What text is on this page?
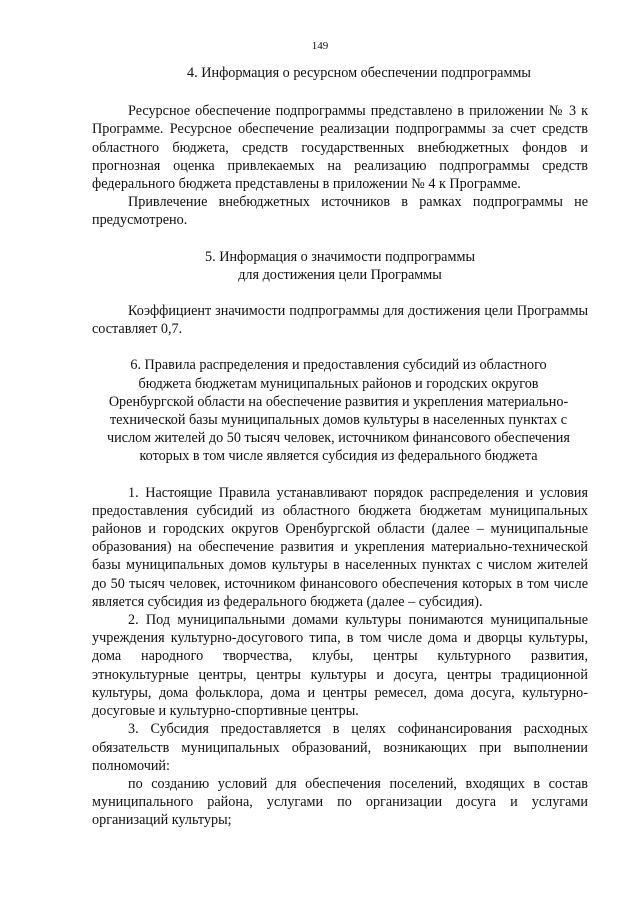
149
4. Информация о ресурсном обеспечении подпрограммы

Ресурсное обеспечение подпрограммы представлено в приложении № 3 к Программе. Ресурсное обеспечение реализации подпрограммы за счет средств областного бюджета, средств государственных внебюджетных фондов и прогнозная оценка привлекаемых на реализацию подпрограммы средств федерального бюджета представлены в приложении № 4 к Программе.

Привлечение внебюджетных источников в рамках подпрограммы не предусмотрено.

5. Информация о значимости подпрограммы
для достижения цели Программы

Коэффициент значимости подпрограммы для достижения цели Программы составляет 0,7.

6. Правила распределения и предоставления субсидий из областного
бюджета бюджетам муниципальных районов и городских округов
Оренбургской области на обеспечение развития и укрепления материально-
технической базы муниципальных домов культуры в населенных пунктах с
числом жителей до 50 тысяч человек, источником финансового обеспечения
которых в том числе является субсидия из федерального бюджета

1. Настоящие Правила устанавливают порядок распределения и условия предоставления субсидий из областного бюджета бюджетам муниципальных районов и городских округов Оренбургской области (далее – муниципальные образования) на обеспечение развития и укрепления материально-технической базы муниципальных домов культуры в населенных пунктах с числом жителей до 50 тысяч человек, источником финансового обеспечения которых в том числе является субсидия из федерального бюджета (далее – субсидия).

2. Под муниципальными домами культуры понимаются муниципальные учреждения культурно-досугового типа, в том числе дома и дворцы культуры, дома народного творчества, клубы, центры культурного развития, этнокультурные центры, центры культуры и досуга, центры традиционной культуры, дома фольклора, дома и центры ремесел, дома досуга, культурно-досуговые и культурно-спортивные центры.

3. Субсидия предоставляется в целях софинансирования расходных обязательств муниципальных образований, возникающих при выполнении полномочий:

по созданию условий для обеспечения поселений, входящих в состав муниципального района, услугами по организации досуга и услугами организаций культуры;
